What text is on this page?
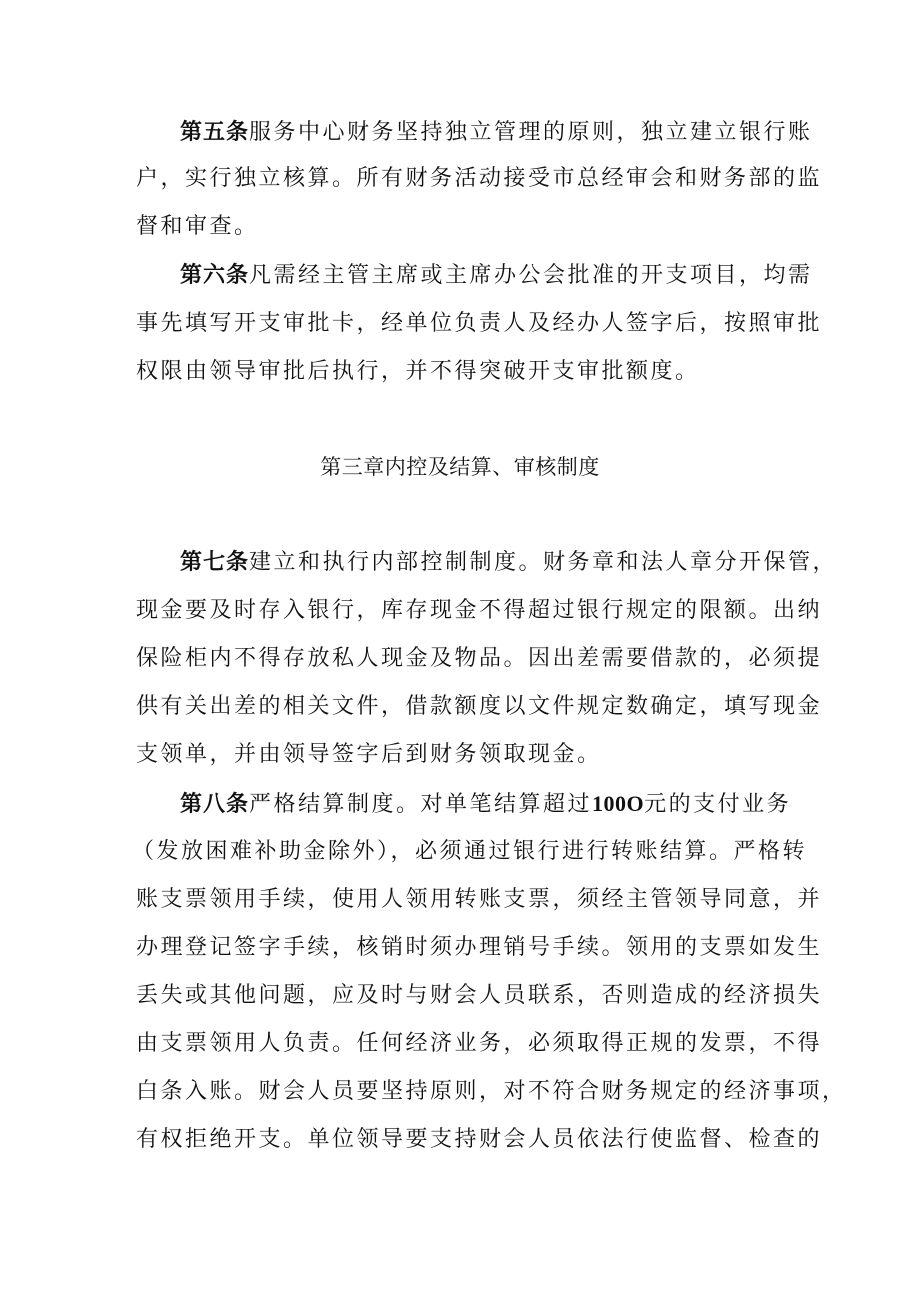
第五条服务中心财务坚持独立管理的原则，独立建立银行账
户，实行独立核算。所有财务活动接受市总经审会和财务部的监
督和审查。
第六条凡需经主管主席或主席办公会批准的开支项目，均需
事先填写开支审批卡，经单位负责人及经办人签字后，按照审批
权限由领导审批后执行，并不得突破开支审批额度。
第三章内控及结算、审核制度
第七条建立和执行内部控制制度。财务章和法人章分开保管，
现金要及时存入银行，库存现金不得超过银行规定的限额。出纳
保险柜内不得存放私人现金及物品。因出差需要借款的，必须提
供有关出差的相关文件，借款额度以文件规定数确定，填写现金
支领单，并由领导签字后到财务领取现金。
第八条严格结算制度。对单笔结算超过100O元的支付业务
（发放困难补助金除外），必须通过银行进行转账结算。严格转
账支票领用手续，使用人领用转账支票，须经主管领导同意，并
办理登记签字手续，核销时须办理销号手续。领用的支票如发生
丢失或其他问题，应及时与财会人员联系，否则造成的经济损失
由支票领用人负责。任何经济业务，必须取得正规的发票，不得
白条入账。财会人员要坚持原则，对不符合财务规定的经济事项，
有权拒绝开支。单位领导要支持财会人员依法行使监督、检查的
